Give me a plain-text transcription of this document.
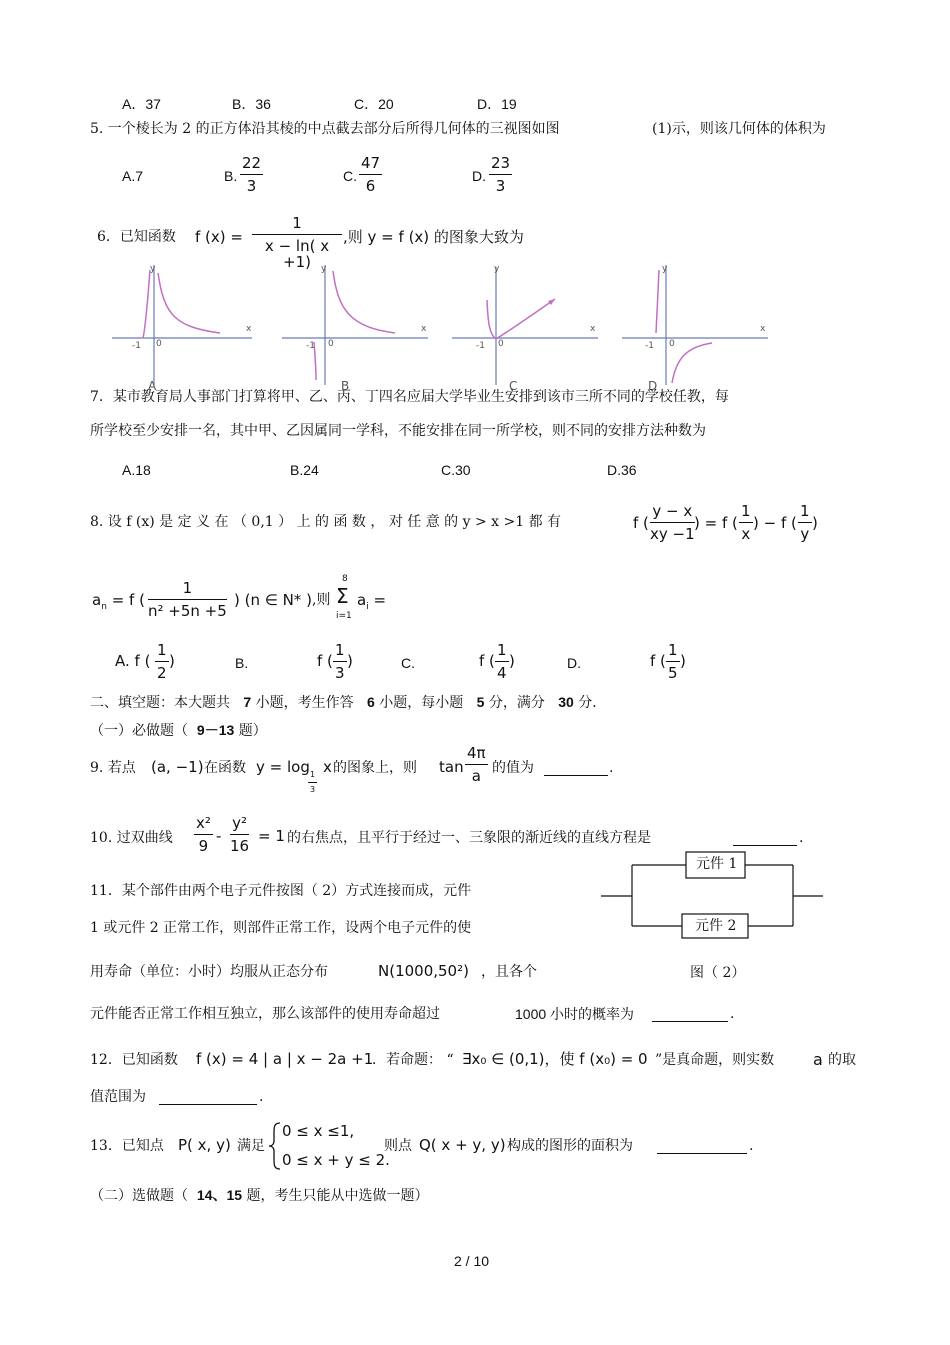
A．37	B．36	C．20	D．19
5. 一个棱长为 2 的正方体沿其棱的中点截去部分后所得几何体的三视图如图	(1)示，则该几何体的体积为
A.7	B. $\frac{22}{3}$	C. $\frac{47}{6}$	D. $\frac{23}{3}$
6．已知函数 f $(x) = \frac{1}{x - \ln( x +1)}$ ,则 y = f (x) 的图象大致为
y
x
-1 0
A
y
x
-1 0
B
y
x
-1 0
C
y
x
-1 0
D
7．某市教育局人事部门打算将甲、乙、丙、丁四名应届大学毕业生安排到该市三所不同的学校任教，每
所学校至少安排一名，其中甲、乙因属同一学科，不能安排在同一所学校，则不同的安排方法种数为
A.18	B.24	C.30	D.36
8. 设 f (x) 是 定 义 在 （ 0,1 ） 上 的 函 数 ， 对 任 意 的 y > x >1 都 有	f ( $\frac{y - x}{xy -1}$ ) = f ( $\frac{1}{x}$ ) − f ( $\frac{1}{y}$ )
$a_n = f$ ( $\frac{1}{\text{n² +5n +5}}$ ) (n ∈ N* ) ,则
8
Σ
i=1
$a_i$ =
A. f ( $\frac{1}{2}$ )	B.	f ( $\frac{1}{3}$ )	C.	f ( $\frac{1}{4}$ )	D.	f ( $\frac{1}{5}$ )
二、填空题：本大题共 7 小题，考生作答 6 小题，每小题 5 分，满分 30 分．
（一）必做题（ 9－13 题）
9. 若点 (a, −1) 在函数 y = log
$\frac{1}{3}$
x 的图象上，则 $\tan \frac{4\pi}{a}$ 的值为	.
10. 过双曲线 $\frac{\text{x²}}{9} - \frac{\text{y²}}{16} = 1$ 的右焦点，且平行于经过一、三象限的渐近线的直线方程是	.
11．某个部件由两个电子元件按图（ 2）方式连接而成，元件
1 或元件 2 正常工作，则部件正常工作，设两个电子元件的使
用寿命（单位：小时）均服从正态分布	N(1000,50²) ，且各个
元件能否正常工作相互独立，那么该部件的使用寿命超过	1000 小时的概率为	.
元件 1
元件 2
图（ 2）
12．已知函数 f (x) = 4 | a | x − 2a +1
．若命题： “ ∃x₀ ∈ (0,1)，使 f (x₀) = 0 ”是真命题，则实数 a 的取
值范围为	.
13．已知点 P( x, y) 满足
0 ≤ x ≤1,
0 ≤ x + y ≤ 2.
则点 Q( x + y, y) 构成的图形的面积为	.
（二）选做题（ 14、15 题，考生只能从中选做一题）
2 / 10
